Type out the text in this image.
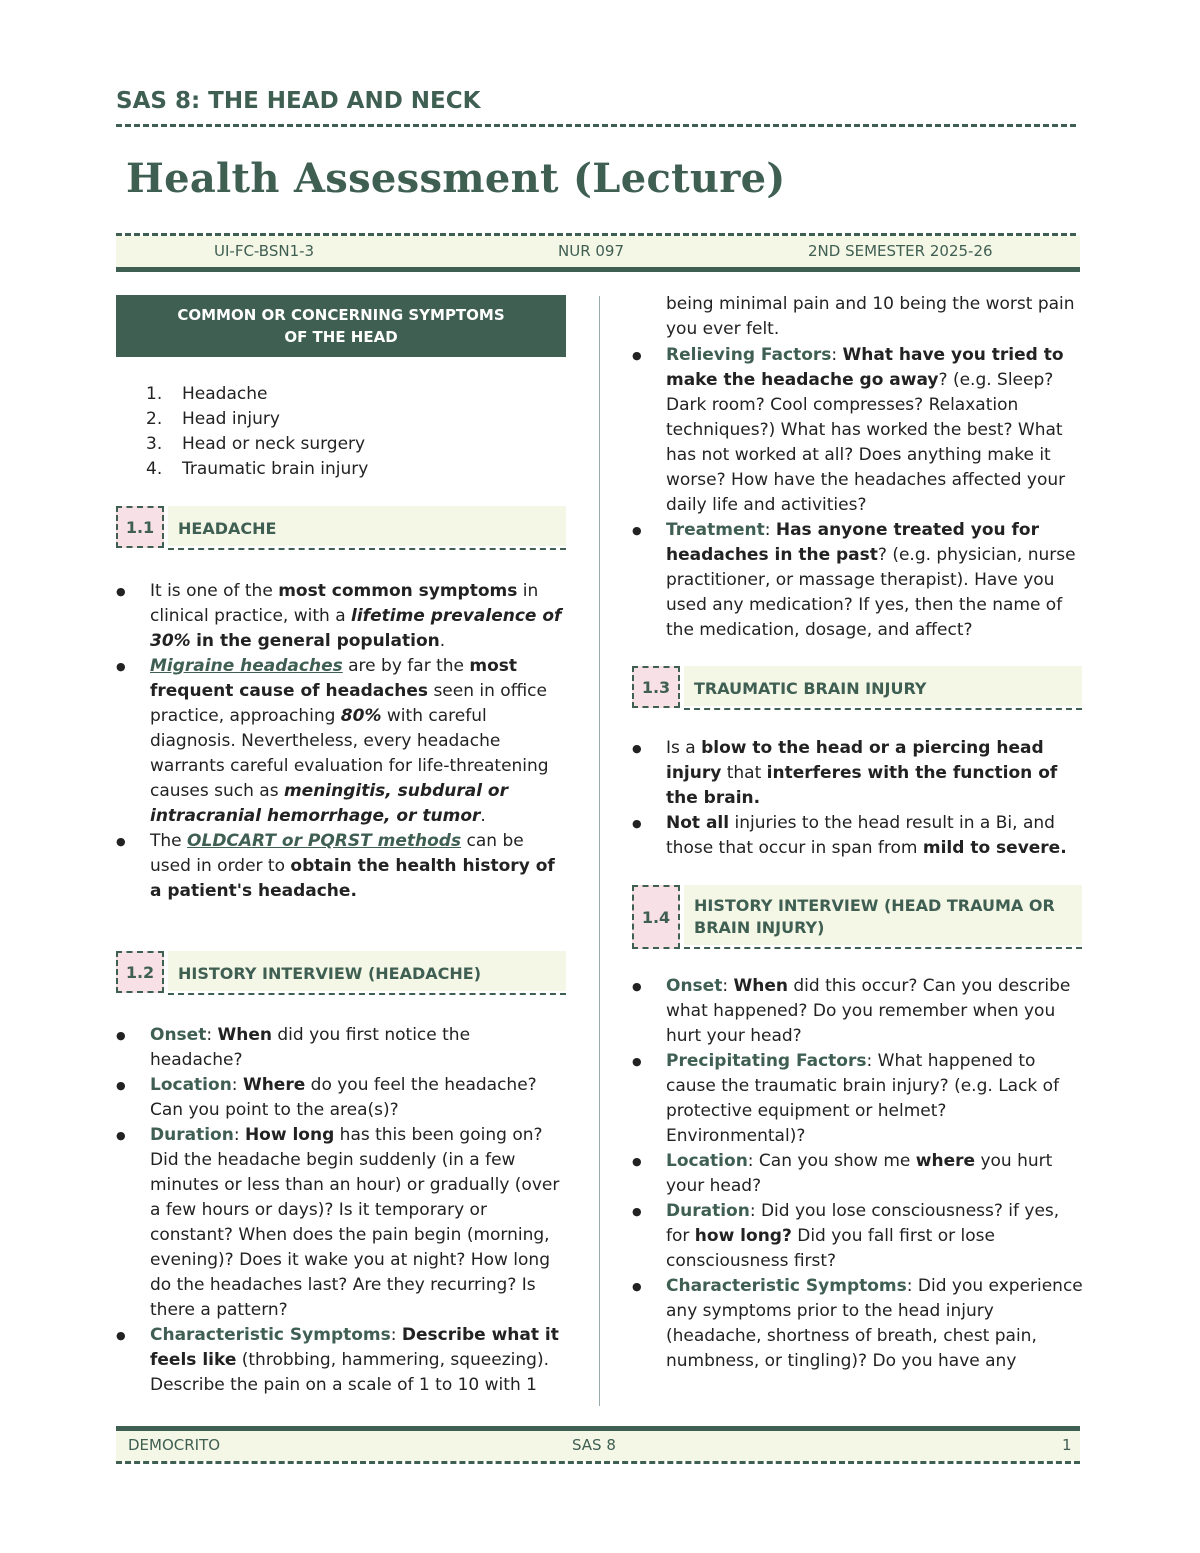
SAS 8: THE HEAD AND NECK
Health Assessment (Lecture)
UI-FC-BSN1-3	NUR 097	2ND SEMESTER 2025-26
COMMON OR CONCERNING SYMPTOMS
OF THE HEAD
1. Headache
2. Head injury
3. Head or neck surgery
4. Traumatic brain injury
1.1	HEADACHE
● It is one of the most common symptoms in clinical practice, with a lifetime prevalence of 30% in the general population.
● Migraine headaches are by far the most frequent cause of headaches seen in office practice, approaching 80% with careful diagnosis. Nevertheless, every headache warrants careful evaluation for life-threatening causes such as meningitis, subdural or intracranial hemorrhage, or tumor.
● The OLDCART or PQRST methods can be used in order to obtain the health history of a patient's headache.
1.2	HISTORY INTERVIEW (HEADACHE)
● Onset: When did you first notice the headache?
● Location: Where do you feel the headache? Can you point to the area(s)?
● Duration: How long has this been going on? Did the headache begin suddenly (in a few minutes or less than an hour) or gradually (over a few hours or days)? Is it temporary or constant? When does the pain begin (morning, evening)? Does it wake you at night? How long do the headaches last? Are they recurring? Is there a pattern?
● Characteristic Symptoms: Describe what it feels like (throbbing, hammering, squeezing). Describe the pain on a scale of 1 to 10 with 1
being minimal pain and 10 being the worst pain you ever felt.
● Relieving Factors: What have you tried to make the headache go away? (e.g. Sleep? Dark room? Cool compresses? Relaxation techniques?) What has worked the best? What has not worked at all? Does anything make it worse? How have the headaches affected your daily life and activities?
● Treatment: Has anyone treated you for headaches in the past? (e.g. physician, nurse practitioner, or massage therapist). Have you used any medication? If yes, then the name of the medication, dosage, and affect?
1.3	TRAUMATIC BRAIN INJURY
● Is a blow to the head or a piercing head injury that interferes with the function of the brain.
● Not all injuries to the head result in a Bi, and those that occur in span from mild to severe.
1.4
HISTORY INTERVIEW (HEAD TRAUMA OR
BRAIN INJURY)
● Onset: When did this occur? Can you describe what happened? Do you remember when you hurt your head?
● Precipitating Factors: What happened to cause the traumatic brain injury? (e.g. Lack of protective equipment or helmet? Environmental)?
● Location: Can you show me where you hurt your head?
● Duration: Did you lose consciousness? if yes, for how long? Did you fall first or lose consciousness first?
● Characteristic Symptoms: Did you experience any symptoms prior to the head injury (headache, shortness of breath, chest pain, numbness, or tingling)? Do you have any
DEMOCRITO	SAS 8	1
